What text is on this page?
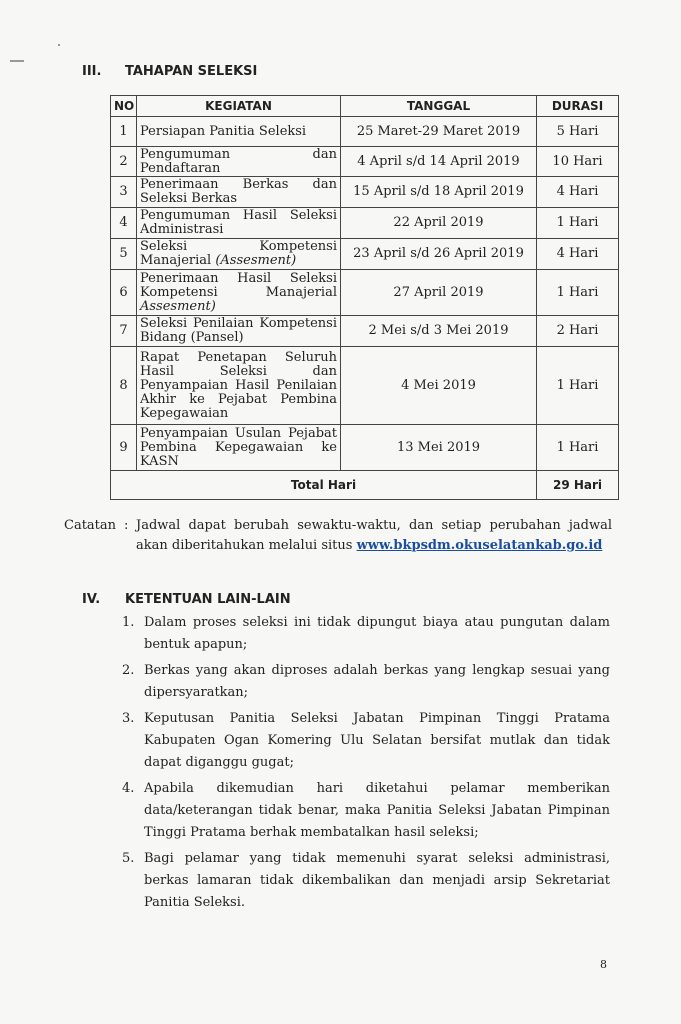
III. TAHAPAN SELEKSI
NO	KEGIATAN	TANGGAL	DURASI
1	Persiapan Panitia Seleksi	25 Maret-29 Maret 2019	5 Hari
2	Pengumuman dan Pendaftaran	4 April s/d 14 April 2019	10 Hari
3	Penerimaan Berkas dan Seleksi Berkas	15 April s/d 18 April 2019	4 Hari
4	Pengumuman Hasil Seleksi Administrasi	22 April 2019	1 Hari
5	Seleksi Kompetensi Manajerial (Assesment)	23 April s/d 26 April 2019	4 Hari
6	Penerimaan Hasil Seleksi Kompetensi Manajerial Assesment)	27 April 2019	1 Hari
7	Seleksi Penilaian Kompetensi Bidang (Pansel)	2 Mei s/d 3 Mei 2019	2 Hari
8	Rapat Penetapan Seluruh Hasil Seleksi dan Penyampaian Hasil Penilaian Akhir ke Pejabat Pembina Kepegawaian	4 Mei 2019	1 Hari
9	Penyampaian Usulan Pejabat Pembina Kepegawaian ke KASN	13 Mei 2019	1 Hari
Total Hari			29 Hari
Catatan : Jadwal dapat berubah sewaktu-waktu, dan setiap perubahan jadwal akan diberitahukan melalui situs www.bkpsdm.okuselatankab.go.id
IV. KETENTUAN LAIN-LAIN
1. Dalam proses seleksi ini tidak dipungut biaya atau pungutan dalam bentuk apapun;
2. Berkas yang akan diproses adalah berkas yang lengkap sesuai yang dipersyaratkan;
3. Keputusan Panitia Seleksi Jabatan Pimpinan Tinggi Pratama Kabupaten Ogan Komering Ulu Selatan bersifat mutlak dan tidak dapat diganggu gugat;
4. Apabila dikemudian hari diketahui pelamar memberikan data/keterangan tidak benar, maka Panitia Seleksi Jabatan Pimpinan Tinggi Pratama berhak membatalkan hasil seleksi;
5. Bagi pelamar yang tidak memenuhi syarat seleksi administrasi, berkas lamaran tidak dikembalikan dan menjadi arsip Sekretariat Panitia Seleksi.
8
